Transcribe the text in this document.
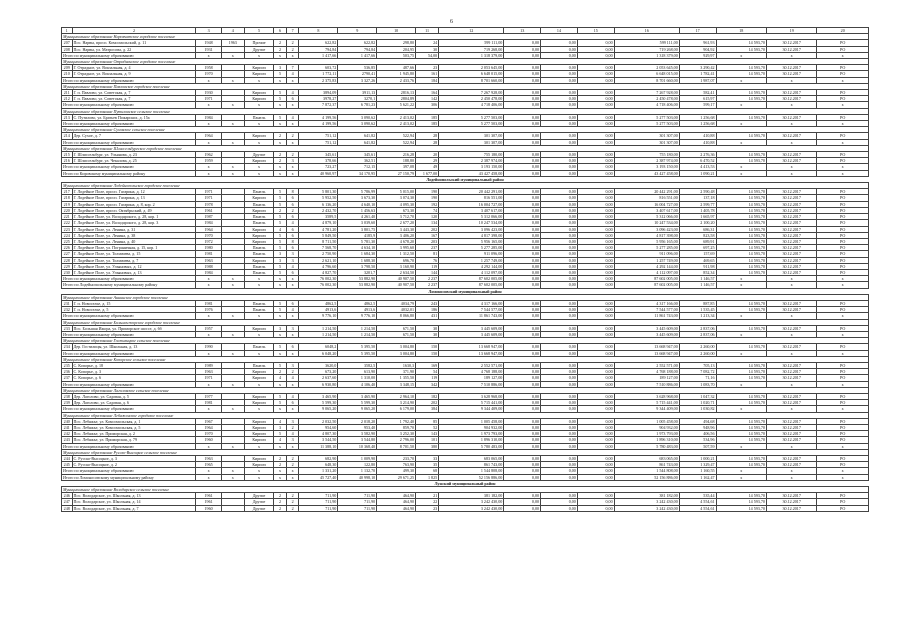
6
1	2	3	4	5	6	7	8	9	10	11	12	13	14	15	16	17	18	19	20
Муниципальное образование Наровчатское городское поселение																			
207	Пос. Нарвы, просп. Комсомольский, д. 11	1948	1963	Прочие	2	2	622,82	622,82	298,80	24	599 111,00	0,00	0,00	0,00	599 111,00	961,93	14 593,70	30.12.2017	РО
208	Пос. Нарвы, ул. Матросова, д. 22	1931		Другие	2	2	794,84	794,84	204,95	30	719 268,00	0,00	0,00	0,00	719 268,00	904,92	14 593,70	30.12.2017	РО
Итого по муниципальному образованию		x	x	x	x	x	1 417,66	1 417,66	503,75	54,00	1 318 379,00	0,00	0,00	0,00	1 318 379,00	929,97	x	x	x
Муниципальное образование Отрадненское городское поселение																			
209	Г. Отрадное, ул. Вокзальная, д. 4	1958		Кирпич	3	7	603,72	536,85	487,66	23	2 053 645,00	0,00	0,00	0,00	2 053 645,00	3 290,42	14 593,70	30.12.2017	РО
210	Г. Отрадное, ул. Вокзальная, д. 9	1970		Кирпич	5	4	1 772,11	2790,41	1 945,80	161	6 648 015,00	0,00	0,00	0,00	6 648 015,00	1 782,41	14 593,70	30.12.2017	РО
Итого по муниципальному образованию		x	x	x	x	x	2 375,83	3 327,26	2 433,76	184	8 701 660,00	0,00	0,00	0,00	8 701 660,00	1 987,07	x	x	x
Муниципальное образование Павловское городское поселение																			
211	Г. п. Павлово, ул. Советская, д. 7	1930		Кирпич	5	4	3894,09	3911,13	2816,13	164	7 267 928,00	0,00	0,00	0,00	7 267 928,00	582,41	14 593,70	30.12.2017	РО
212	Г. п. Павлово, ул. Советская, д. 7	1971		Кирпич	5	6	3978,27	3270,1	2804,89	142	2 450 478,00	0,00	0,00	0,00	2 450 478,00	615,97	14 593,70	30.12.2017	РО
Итого по муниципальному образованию		x	x	x	x	x	7 872,37	6 781,23	5 621,22	306	4 718 406,00	0,00	0,00	0,00	4 718 406,00	599,17	x	x	x
Муниципальное образование Путиловское сельское поселение																			
213	С. Путилово, ул. Братьев Пожарских, д. 15а	1984		Панель	5	4	4 199,56	3 090,62	2 413,02	185	5 277 503,00	0,00	0,00	0,00	5 277 503,00	1 256,68	14 593,70	30.12.2017	РО
Итого по муниципальному образованию		x	x	x	x	x	4 199,56	3 090,62	2 413,02	185	5 277 503,00	0,00	0,00	0,00	5 277 503,00	1 256,68	x	x	x
Муниципальное образование Суховское сельское поселение																			
214	Дер. Сухое, д. 7	1964		Кирпич	2	2	751,12	641,82	522,94	28	301 307,00	0,00	0,00	0,00	301 307,00	410,88	14 593,70	30.12.2017	РО
Итого по муниципальному образованию		x	x	x	x	x	751,12	641,82	522,94	28	301 307,00	0,00	0,00	0,00	301 307,00	410,88	x	x	x
Муниципальное образование Шлиссельбургское городское поселение																			
215	Г. Шлиссельбург, ул. Ульянова, д. 23	1962		Другие	2	2	345,61	345,61	216,28	20	755 180,00	0,00	0,00	0,00	755 180,00	2 276,36	14 593,70	30.12.2017	РО
216	Г. Шлиссельбург, ул. Чекалова, д. 25	1959		Кирпич	2	3	378,66	362,51	188,80	29	2 387 974,00	0,00	0,00	0,00	2 387 974,00	6 470,52	14 593,70	30.12.2017	РО
Итого по муниципальному образованию		x	x	x	x	x	723,27	712,15	397,08	49	3 193 150,00	0,00	0,00	0,00	3 193 150,00	4 413,53	x	x	x
Итого по Кировскому муниципальному району		x	x	x	x	x	40 960,97	34 170,95	27 150,79	1 677,00	43 427 458,00	0,00	0,00	0,00	43 427 458,00	1 090,21	x	x	x
Лодейнопольский муниципальный район																			
Муниципальное образование Лодейнопольское городское поселение																			
217	Г. Лодейное Поле, просп. Гагарина, д. 12	1971		Панель	5	8	5 801,30	5 786,99	5 015,00	190	20 442 291,00	0,00	0,00	0,00	20 442 291,00	2 590,48	14 593,70	30.12.2017	РО
218	Г. Лодейное Поле, просп. Гагарина, д. 13	1971		Кирпич	5	6	5 952,50	3 673,30	3 074,30	190	816 551,00	0,00	0,00	0,00	816 551,00	137,18	14 593,70	30.12.2017	РО
219	Г. Лодейное Поле, просп. Гагарина, д. 8, кор. 2	1978		Панель	5	6	6 136,20	4 640,10	4 095,30	192	16 004 727,00	0,00	0,00	0,00	16 004 727,00	2 599,77	14 593,70	30.12.2017	РО
220	Г. Лодейное Поле, просп. Октябрьский, д. 49	1961		Кирпич	2	2	2 432,70	1 456,63	673,30	74	3 407 617,00	0,00	0,00	0,00	3 407 617,00	1 405,78	14 593,70	30.12.2017	РО
221	Г. Лодейное Поле, ул. Володарского, д. 28, кор. 1	1987		Панель	5	6	3589,5	4 261,40	3 712,70	120	5 312 066,00	0,00	0,00	0,00	5 312 066,00	1 665,97	14 593,70	30.12.2017	РО
222	Г. Лодейное Поле, ул. Володарского, д. 28, кор. 3	1984		Панель	5	4	4 879,10	3 039,60	2 677,20	134	10 247 534,00	0,00	0,00	0,00	10 247 534,00	2 100,20	14 593,70	30.12.2017	РО
223	Г. Лодейное Поле, ул. Ленина, д. 31	1964		Кирпич	4	6	4 781,20	3 801,75	3 443,30	202	3 096 423,00	0,00	0,00	0,00	3 096 423,00	686,31	14 593,70	30.12.2017	РО
224	Г. Лодейное Поле, ул. Ленина, д. 38	1970		Кирпич	5	6	5 849,50	4185,9	3 406,20	167	4 817 398,00	0,00	0,00	0,00	4 817 398,00	823,58	14 593,70	30.12.2017	РО
225	Г. Лодейное Поле, ул. Ленина, д. 40	1972		Кирпич	5	8	8 711,50	5 781,30	4 678,20	203	5 956 165,00	0,00	0,00	0,00	5 956 165,00	689,91	14 593,70	30.12.2017	РО
226	Г. Лодейное Поле, ул. Пограничная, д. 15, кор. 1	1980		Панель	5	6	7 568,70	4 634,10	3 995,60	237	5 277 285,00	0,00	0,00	0,00	5 277 285,00	697,25	14 593,70	30.12.2017	РО
227	Г. Лодейное Поле, ул. Толмачева, д. 15	1981		Панель	3	3	2 750,90	1 684,30	1 312,50	81	911 096,00	0,00	0,00	0,00	911 096,00	157,69	14 593,70	30.12.2017	РО
228	Г. Лодейное Поле, ул. Толмачева, д. 7	1963		Кирпич	3	3	2 621,10	1 688,30	696,70	76	1 257 749,00	0,00	0,00	0,00	1 257 749,00	469,65	14 593,70	30.12.2017	РО
229	Г. Лодейное Поле, ул. Ульяновых, д. 12	1988		Панель	5	4	4 796,60	3 798,50	3 160,90	119	4 292 144,00	0,00	0,00	0,00	4 292 144,00	911,98	14 593,70	30.12.2017	РО
230	Г. Лодейное Поле, ул. Ульяновых, д. 13	1984		Панель	5	6	4 827,70	3201,7	2 634,50	144	4 112 097,00	0,00	0,00	0,00	4 112 097,00	852,34	14 593,70	30.12.2017	РО
Итого по муниципальному образованию		x	x	x	x	x	76 002,30	53 882,90	40 907,50	2 237	87 602 005,00	0,00	0,00	0,00	87 602 005,00	1 146,57	x	x	x
Итого по Лодейнопольскому муниципальному району		x	x	x	x	x	76 002,30	53 882,90	40 907,50	2 237	87 602 005,00	0,00	0,00	0,00	87 602 005,00	1 146,57	x	x	x
Ломоносовский муниципальный район																			
Муниципальное образование Аннинское городское поселение																			
231	Г. п. Новоселье, д. 15	1981		Панель	5	6	4862,5	4862,5	4034,79	243	4 317 166,00	0,00	0,00	0,00	4 317 166,00	887,85	14 593,70	30.12.2017	РО
232	Г. п. Новоселье, д. 5	1976		Панель	5	4	4913,6	4913,6	4032,01	186	7 544 577,00	0,00	0,00	0,00	7 544 577,00	1 535,45	14 593,70	30.12.2017	РО
Итого по муниципальному образованию		x	x	x	x	x	9 776,10	9 776,10	8 066,80	431	11 861 743,00	0,00	0,00	0,00	11 861 743,00	1 213,34	x	x	x
Муниципальное образование Большеижорское городское поселение																			
233	Пос. Большая Ижора, ул. Приморское шоссе, д. 6б	1957		Кирпич	3	3	1 214,50	1 214,50	671,50	30	3 445 609,00	0,00	0,00	0,00	3 445 609,00	2 837,06	14 593,70	30.12.2017	РО
Итого по муниципальному образованию		x	x	x	x	x	1 214,50	1 214,50	671,50	30	3 445 609,00	0,00	0,00	0,00	3 445 609,00	2 837,06	x	x	x
Муниципальное образование Гостилицкое сельское поселение																			
234	Дер. Гостилицы, ул. Школьная, д. 13	1990		Панель	5	6	6048,2	5 395,50	3 004,80	150	13 668 947,00	0,00	0,00	0,00	13 668 947,00	2 260,00	14 593,70	30.12.2017	РО
Итого по муниципальному образованию		x	x	x	x	x	6 048,20	5 395,50	3 004,80	150	13 668 947,00	0,00	0,00	0,00	13 668 947,00	2 260,00	x	x	x
Муниципальное образование Копорское сельское поселение																			
235	С. Копорье, д. 18	1989		Панель	5	3	3620,0	3582,5	1630,3	169	2 552 571,00	0,00	0,00	0,00	2 552 571,00	705,13	14 593,70	30.12.2017	РО
236	С. Копорье, д. 3	1963		Кирпич	2	2	673,20	613,90	371,90	54	4 768 188,00	0,00	0,00	0,00	4 768 188,00	7 082,72	14 593,70	30.12.2017	РО
237	С. Копорье, д. 6	1971		Кирпич	4	4	2 637,60	1 310,00	1 355,50	119	189 127,00	0,00	0,00	0,00	189 127,00	71,16	14 593,70	30.12.2017	РО
Итого по муниципальному образованию		x	x	x	x	x	6 930,80	4 106,40	3 348,15	342	7 510 886,00	0,00	0,00	0,00	7 510 886,00	1 083,70	x	x	x
Муниципальное образование Лаголовское сельское поселение																			
238	Дер. Лаголово, ул. Садовая, д. 5	1977		Кирпич	5	4	3 465,90	3 465,90	2 964,10	182	3 628 968,00	0,00	0,00	0,00	3 628 968,00	1 047,32	14 593,70	30.12.2017	РО
239	Дер. Лаголово, ул. Садовая, д. 6	1981		Кирпич	5	6	5 599,30	5 599,30	3 214,90	202	5 715 441,00	0,00	0,00	0,00	5 715 441,00	1 020,71	14 593,70	30.12.2017	РО
Итого по муниципальному образованию		x	x	x	x	x	9 065,20	9 065,20	6 179,00	384	9 344 409,00	0,00	0,00	0,00	9 344 409,00	1 030,82	x	x	x
Муниципальное образование Лебяженское городское поселение																			
240	Пос. Лебяжье, ул. Комсомольская, д. 1	1967		Кирпич	4	3	2 032,50	2 018,20	1 792,40	85	1 005 458,00	0,00	0,00	0,00	1 005 458,00	494,68	14 593,70	30.12.2017	РО
241	Пос. Лебяжье, ул. Комсомольская, д. 5	1964		Кирпич	3	2	954,60	953,40	859,70	52	904 932,00	0,00	0,00	0,00	904 932,00	948,96	14 593,70	30.12.2017	РО
242	Пос. Лебяжье, ул. Приморская, д. 2	1970		Кирпич	5	4	4 807,30	3 582,90	3 252,30	143	1 973 793,00	0,00	0,00	0,00	1 973 793,00	406,56	14 593,70	30.12.2017	РО
243	Пос. Лебяжье, ул. Приморская, д. 79	1960		Кирпич	4	3	3 544,50	3 544,80	2 796,00	101	1 896 310,00	0,00	0,00	0,00	1 896 310,00	534,96	14 593,70	30.12.2017	РО
Итого по муниципальному образованию		x	x	x	x	x	11 388,10	10 368,40	8 701,50	380	5 780 483,00	0,00	0,00	0,00	5 780 483,00	507,59	x	x	x
Муниципальное образование Русско-Высоцкое сельское поселение																			
244	С. Русско-Высоцкое, д. 3	1963		Кирпич	2	2	682,90	1 009,90	233,70	33	683 065,00	0,00	0,00	0,00	683 065,00	1 000,21	14 593,70	30.12.2017	РО
245	С. Русско-Высоцкое, д. 2	1965		Кирпич	2	2	648,30	122,80	763,90	35	861 743,00	0,00	0,00	0,00	861 743,00	1 329,47	14 593,70	30.12.2017	РО
Итого по муниципальному образованию		x	x	x	x	x	1 331,20	1 132,70	499,30	68	1 544 808,00	0,00	0,00	0,00	1 544 808,00	1 160,55	x	x	x
Итого по Ломоносовскому муниципальному району		x	x	x	x	x	45 727,40	40 998,10	29 671,25	1 825	52 156 886,00	0,00	0,00	0,00	52 156 886,00	1 162,47	x	x	x
Лужский муниципальный район																			
Муниципальное образование Володарское сельское поселение																			
246	Пос. Володарское, ул. Школьная, д. 13	1961		Другие	2	2	711,90	711,90	464,90	21	381 182,00	0,00	0,00	0,00	381 182,00	535,44	14 593,70	30.12.2017	РО
247	Пос. Володарское, ул. Школьная, д. 14	1961		Другие	2	2	711,90	711,90	464,90	22	3 242 430,00	0,00	0,00	0,00	3 242 430,00	4 554,61	14 593,70	30.12.2017	РО
248	Пос. Володарское, ул. Школьная, д. 7	1960		Другие	2	2	711,90	711,90	464,90	23	3 242 430,00	0,00	0,00	0,00	3 242 430,00	4 554,61	14 593,70	30.12.2017	РО
